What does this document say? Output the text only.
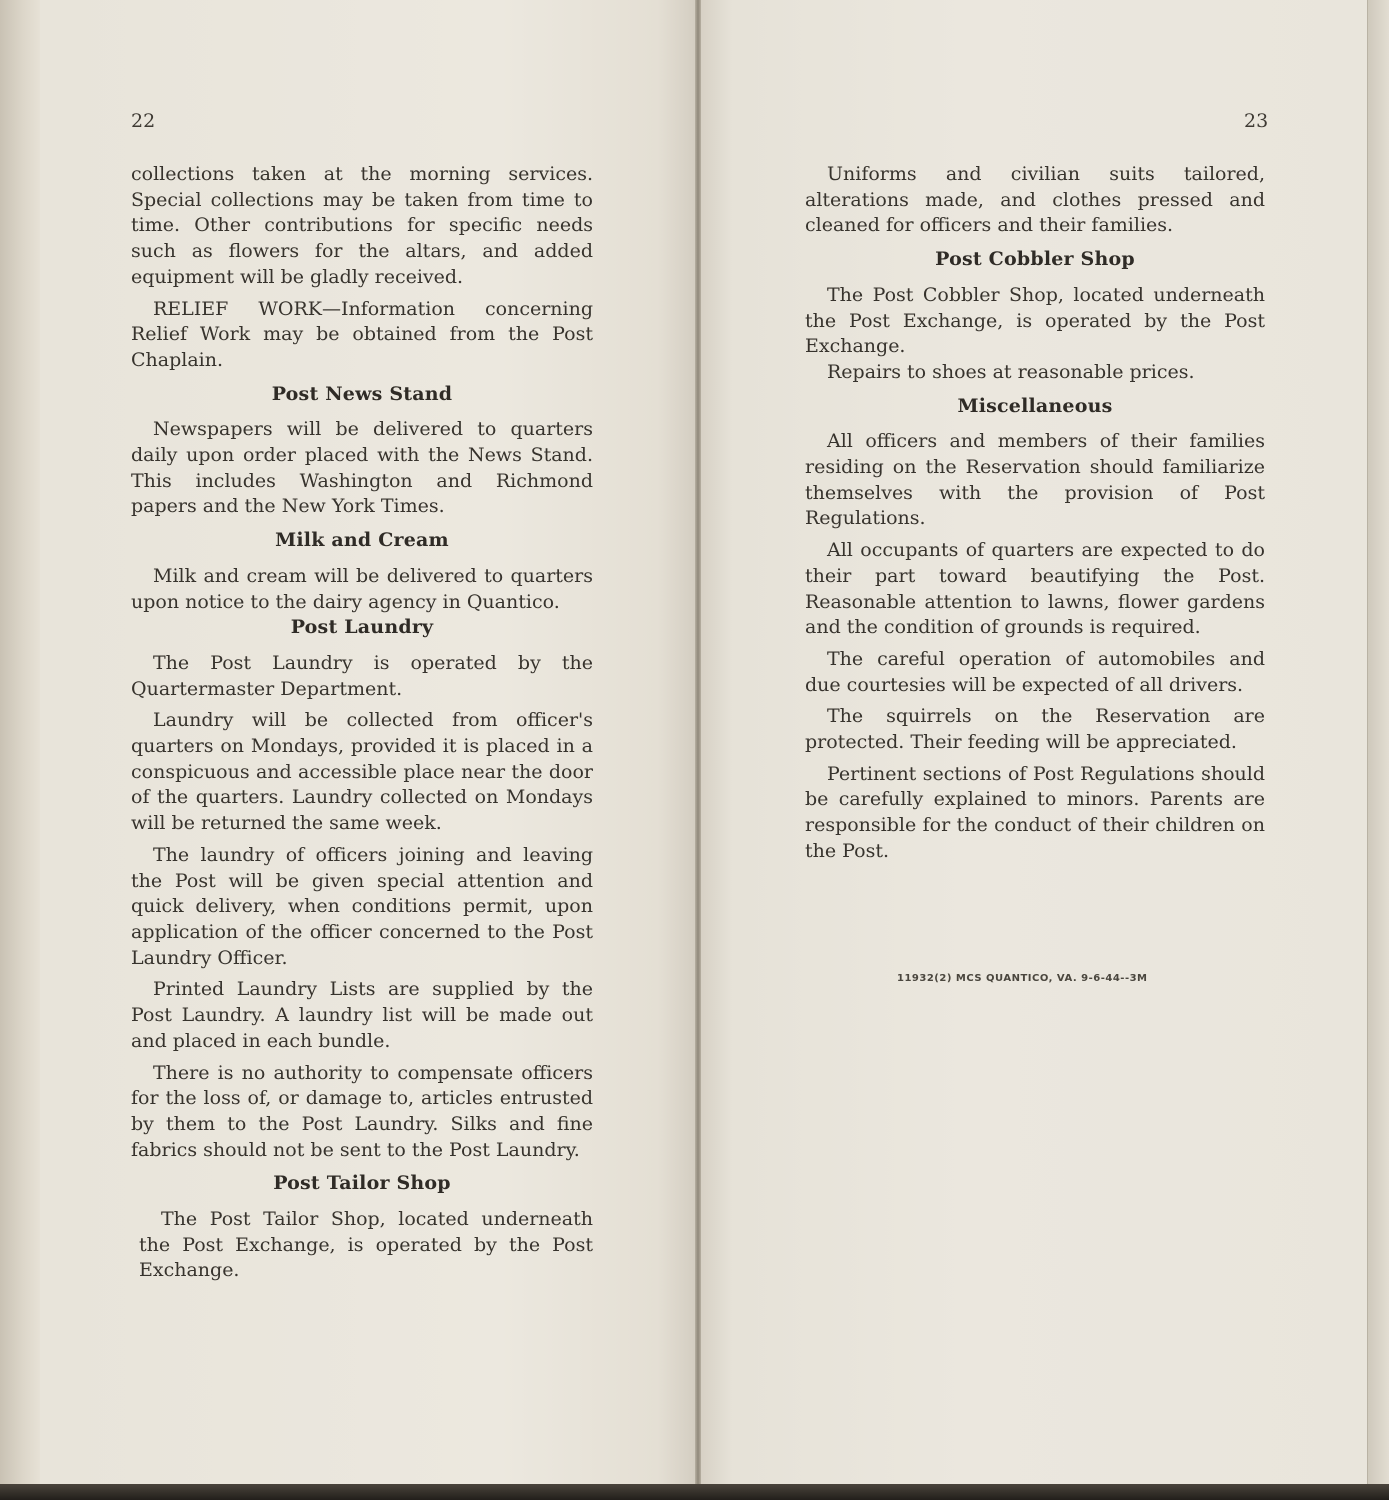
22

collections taken at the morning services. Special collections may be taken from time to time. Other contributions for specific needs such as flowers for the altars, and added equipment will be gladly received.

RELIEF WORK—Information concerning Relief Work may be obtained from the Post Chaplain.

Post News Stand

Newspapers will be delivered to quarters daily upon order placed with the News Stand. This includes Washington and Richmond papers and the New York Times.

Milk and Cream

Milk and cream will be delivered to quarters upon notice to the dairy agency in Quantico.

Post Laundry

The Post Laundry is operated by the Quartermaster Department.

Laundry will be collected from officer's quarters on Mondays, provided it is placed in a conspicuous and accessible place near the door of the quarters. Laundry collected on Mondays will be returned the same week.

The laundry of officers joining and leaving the Post will be given special attention and quick delivery, when conditions permit, upon application of the officer concerned to the Post Laundry Officer.

Printed Laundry Lists are supplied by the Post Laundry. A laundry list will be made out and placed in each bundle.

There is no authority to compensate officers for the loss of, or damage to, articles entrusted by them to the Post Laundry. Silks and fine fabrics should not be sent to the Post Laundry.

Post Tailor Shop

The Post Tailor Shop, located underneath the Post Exchange, is operated by the Post Exchange.

23

Uniforms and civilian suits tailored, alterations made, and clothes pressed and cleaned for officers and their families.

Post Cobbler Shop

The Post Cobbler Shop, located underneath the Post Exchange, is operated by the Post Exchange.

Repairs to shoes at reasonable prices.

Miscellaneous

All officers and members of their families residing on the Reservation should familiarize themselves with the provision of Post Regulations.

All occupants of quarters are expected to do their part toward beautifying the Post. Reasonable attention to lawns, flower gardens and the condition of grounds is required.

The careful operation of automobiles and due courtesies will be expected of all drivers.

The squirrels on the Reservation are protected. Their feeding will be appreciated.

Pertinent sections of Post Regulations should be carefully explained to minors. Parents are responsible for the conduct of their children on the Post.

11932(2) MCS QUANTICO, VA. 9-6-44--3M
